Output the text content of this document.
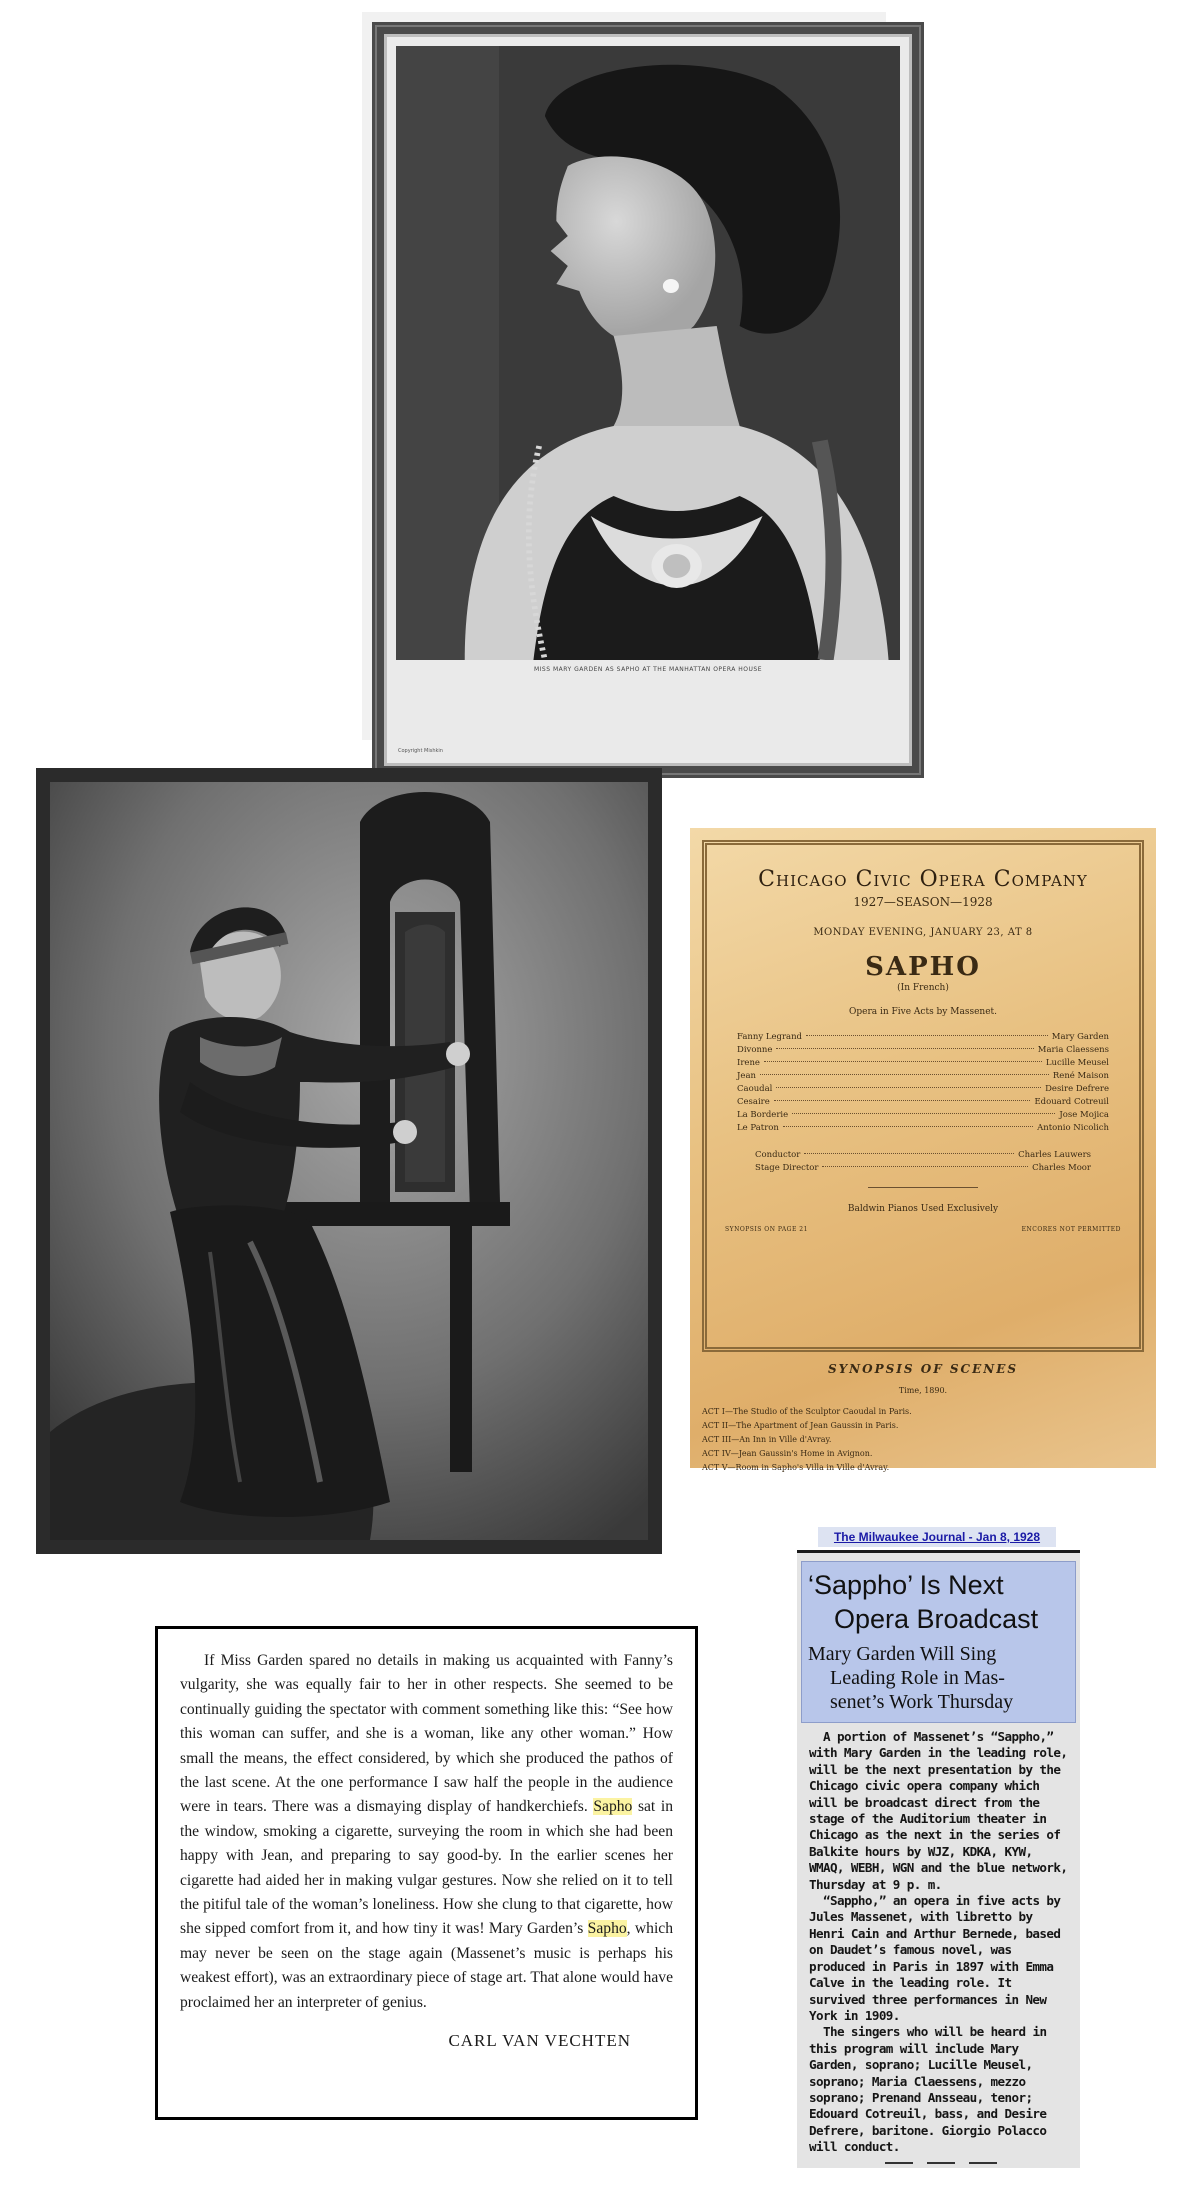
MISS MARY GARDEN AS SAPHO AT THE MANHATTAN OPERA HOUSE
Copyright Mishkin
Chicago Civic Opera Company
1927—SEASON—1928
MONDAY EVENING, JANUARY 23, AT 8
SAPHO
(In French)
Opera in Five Acts by Massenet.
Fanny Legrand	Mary Garden
Divonne	Maria Claessens
Irene	Lucille Meusel
Jean	René Maison
Caoudal	Desire Defrere
Cesaire	Edouard Cotreuil
La Borderie	Jose Mojica
Le Patron	Antonio Nicolich
Conductor	Charles Lauwers
Stage Director	Charles Moor
Baldwin Pianos Used Exclusively
SYNOPSIS ON PAGE 21	ENCORES NOT PERMITTED
SYNOPSIS OF SCENES
Time, 1890.
ACT I—The Studio of the Sculptor Caoudal in Paris.
ACT II—The Apartment of Jean Gaussin in Paris.
ACT III—An Inn in Ville d'Avray.
ACT IV—Jean Gaussin's Home in Avignon.
ACT V—Room in Sapho's Villa in Ville d'Avray.
If Miss Garden spared no details in making us acquainted with Fanny’s vulgarity, she was equally fair to her in other respects. She seemed to be continually guiding the spectator with comment something like this: “See how this woman can suffer, and she is a woman, like any other woman.” How small the means, the effect considered, by which she produced the pathos of the last scene. At the one performance I saw half the people in the audience were in tears. There was a dismaying display of handkerchiefs. Sapho sat in the window, smoking a cigarette, surveying the room in which she had been happy with Jean, and preparing to say good-by. In the earlier scenes her cigarette had aided her in making vulgar gestures. Now she relied on it to tell the pitiful tale of the woman’s loneliness. How she clung to that cigarette, how she sipped comfort from it, and how tiny it was! Mary Garden’s Sapho, which may never be seen on the stage again (Massenet’s music is perhaps his weakest effort), was an extraordinary piece of stage art. That alone would have proclaimed her an interpreter of genius.
CARL VAN VECHTEN
The Milwaukee Journal - Jan 8, 1928
‘Sappho’ Is Next
Opera Broadcast
Mary Garden Will Sing
Leading Role in Mas-
senet’s Work Thursday

A portion of Massenet’s “Sappho,” with Mary Garden in the leading role, will be the next presentation by the Chicago civic opera company which will be broadcast direct from the stage of the Auditorium theater in Chicago as the next in the series of Balkite hours by WJZ, KDKA, KYW, WMAQ, WEBH, WGN and the blue network, Thursday at 9 p. m.

“Sappho,” an opera in five acts by Jules Massenet, with libretto by Henri Cain and Arthur Bernede, based on Daudet’s famous novel, was produced in Paris in 1897 with Emma Calve in the leading role. It survived three performances in New York in 1909.

The singers who will be heard in this program will include Mary Garden, soprano; Lucille Meusel, soprano; Maria Claessens, mezzo soprano; Prenand Ansseau, tenor; Edouard Cotreuil, bass, and Desire Defrere, baritone. Giorgio Polacco will conduct.
